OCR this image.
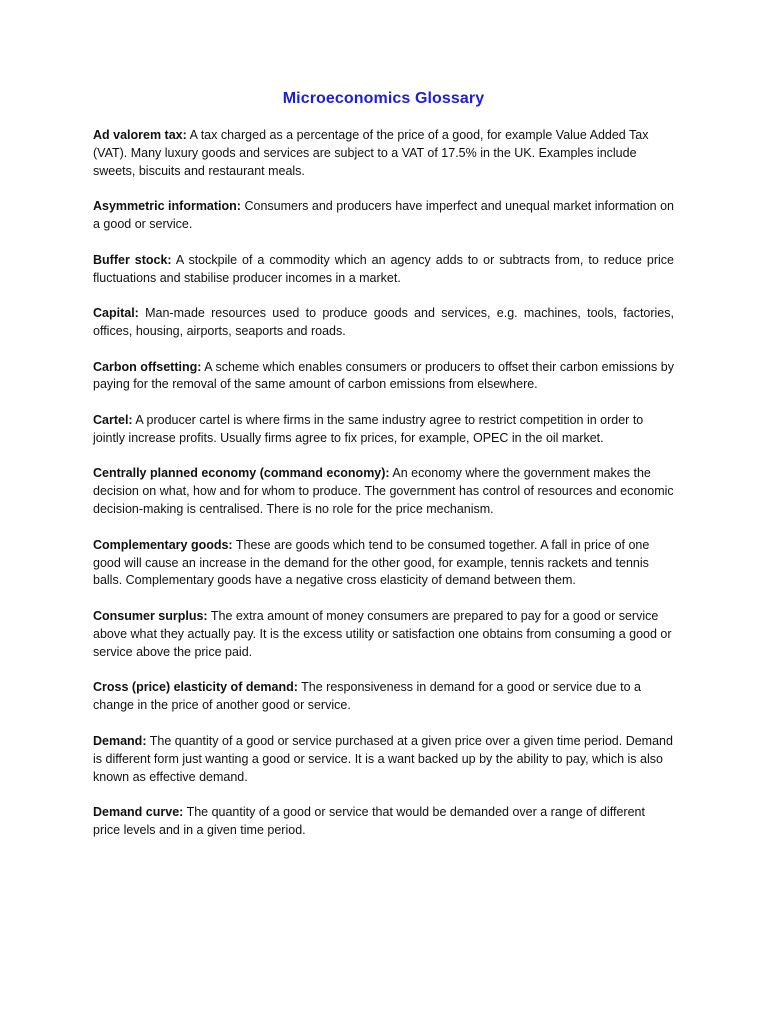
Microeconomics Glossary

Ad valorem tax: A tax charged as a percentage of the price of a good, for example Value Added Tax (VAT). Many luxury goods and services are subject to a VAT of 17.5% in the UK. Examples include sweets, biscuits and restaurant meals.

Asymmetric information: Consumers and producers have imperfect and unequal market information on a good or service.

Buffer stock: A stockpile of a commodity which an agency adds to or subtracts from, to reduce price fluctuations and stabilise producer incomes in a market.

Capital: Man-made resources used to produce goods and services, e.g. machines, tools, factories, offices, housing, airports, seaports and roads.

Carbon offsetting: A scheme which enables consumers or producers to offset their carbon emissions by paying for the removal of the same amount of carbon emissions from elsewhere.

Cartel: A producer cartel is where firms in the same industry agree to restrict competition in order to jointly increase profits. Usually firms agree to fix prices, for example, OPEC in the oil market.

Centrally planned economy (command economy): An economy where the government makes the decision on what, how and for whom to produce. The government has control of resources and economic decision-making is centralised. There is no role for the price mechanism.

Complementary goods: These are goods which tend to be consumed together. A fall in price of one good will cause an increase in the demand for the other good, for example, tennis rackets and tennis balls. Complementary goods have a negative cross elasticity of demand between them.

Consumer surplus: The extra amount of money consumers are prepared to pay for a good or service above what they actually pay. It is the excess utility or satisfaction one obtains from consuming a good or service above the price paid.

Cross (price) elasticity of demand: The responsiveness in demand for a good or service due to a change in the price of another good or service.

Demand: The quantity of a good or service purchased at a given price over a given time period. Demand is different form just wanting a good or service. It is a want backed up by the ability to pay, which is also known as effective demand.

Demand curve: The quantity of a good or service that would be demanded over a range of different price levels and in a given time period.
